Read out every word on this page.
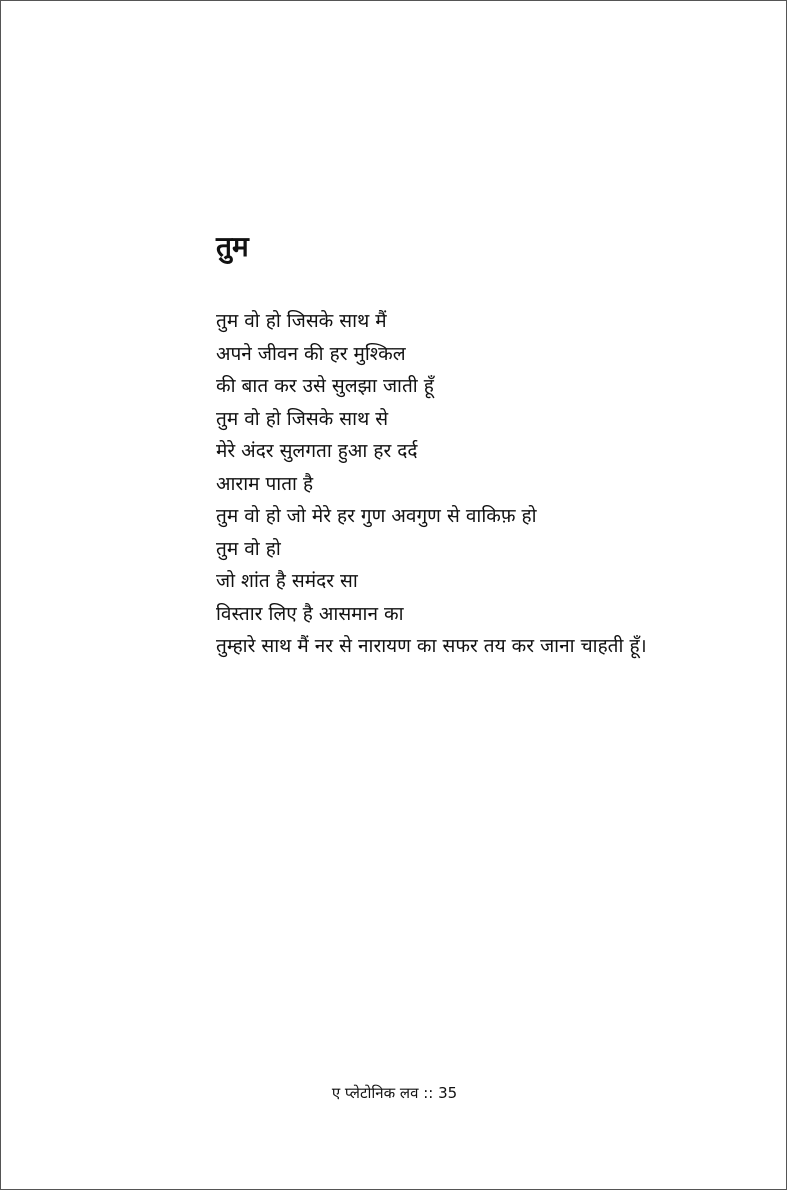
तुम
तुम वो हो जिसके साथ मैं
अपने जीवन की हर मुश्किल
की बात कर उसे सुलझा जाती हूँ
तुम वो हो जिसके साथ से
मेरे अंदर सुलगता हुआ हर दर्द
आराम पाता है
तुम वो हो जो मेरे हर गुण अवगुण से वाकिफ़ हो
तुम वो हो
जो शांत है समंदर सा
विस्तार लिए है आसमान का
तुम्हारे साथ मैं नर से नारायण का सफर तय कर जाना चाहती हूँ।
ए प्लेटोनिक लव :: 35
